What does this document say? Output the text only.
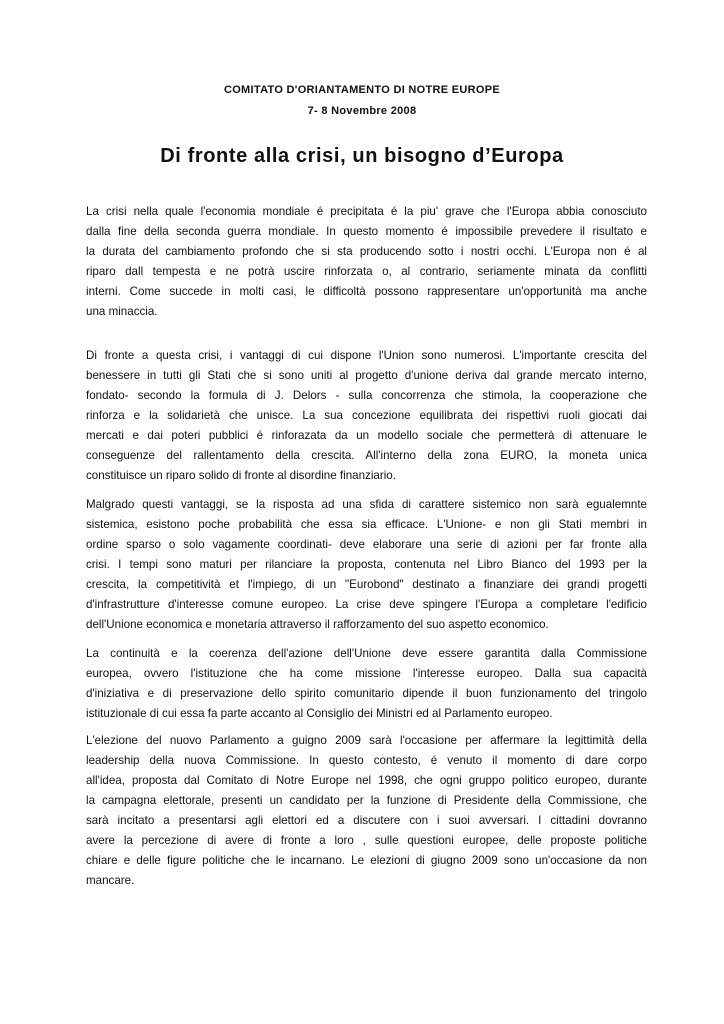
COMITATO D'ORIANTAMENTO DI NOTRE EUROPE
7- 8 Novembre 2008
Di fronte alla crisi, un bisogno d’Europa
La crisi nella quale l'economia mondiale é precipitata é la piu' grave che l'Europa abbia conosciuto
dalla fine della seconda guerra mondiale. In questo momento é impossibile prevedere il risultato e
la durata del cambiamento profondo che si sta producendo sotto i nostri occhi. L'Europa non é al
riparo dall tempesta e ne potrà uscire rinforzata o, al contrario, seriamente minata da conflitti
interni. Come succede in molti casi, le difficoltà possono rappresentare un'opportunità ma anche
una minaccia.
Di fronte a questa crisi, i vantaggi di cui dispone l'Union sono numerosi. L'importante crescita del
benessere in tutti gli Stati che si sono uniti al progetto d'unione deriva dal grande mercato interno,
fondato- secondo la formula di J. Delors - sulla concorrenza che stimola, la cooperazione che
rinforza e la solidarietà che unisce. La sua concezione equilibrata dei rispettivi ruoli giocati dai
mercati e dai poteri pubblici é rinforazata da un modello sociale che permetterà di attenuare le
conseguenze del rallentamento della crescita. All'interno della zona EURO, la moneta unica
constituisce un riparo solido di fronte al disordine finanziario.
Malgrado questi vantaggi, se la risposta ad una sfida di carattere sistemico non sarà egualemnte
sistemica, esistono poche probabilità che essa sia efficace. L'Unione- e non gli Stati membri in
ordine sparso o solo vagamente coordinati- deve elaborare una serie di azioni per far fronte alla
crisi. I tempi sono maturi per rilanciare la proposta, contenuta nel Libro Bianco del 1993 per la
crescita, la competitività et l'impiego, di un "Eurobond" destinato a finanziare dei grandi progetti
d'infrastrutture d'interesse comune europeo. La crise deve spingere l'Europa a completare l'edificio
dell'Unione economica e monetaria attraverso il rafforzamento del suo aspetto economico.
La continuità e la coerenza dell'azione dell'Unione deve essere garantita dalla Commissione
europea, ovvero l'istituzione che ha come missione l'interesse europeo. Dalla sua capacità
d'iniziativa e di preservazione dello spirito comunitario dipende il buon funzionamento del tringolo
istituzionale di cui essa fa parte accanto al Consiglio dei Ministri ed al Parlamento europeo.
L'elezione del nuovo Parlamento a guigno 2009 sarà l'occasione per affermare la legittimità della
leadership della nuova Commissione. In questo contesto, é venuto il momento di dare corpo
all'idea, proposta dal Comitato di Notre Europe nel 1998, che ogni gruppo politico europeo, durante
la campagna elettorale, presenti un candidato per la funzione di Presidente della Commissione, che
sarà incitato a presentarsi agli elettori ed a discutere con i suoi avversari. I cittadini dovranno
avere la percezione di avere di fronte a loro , sulle questioni europee, delle proposte politiche
chiare e delle figure politiche che le incarnano. Le elezioni di giugno 2009 sono un'occasione da non
mancare.
